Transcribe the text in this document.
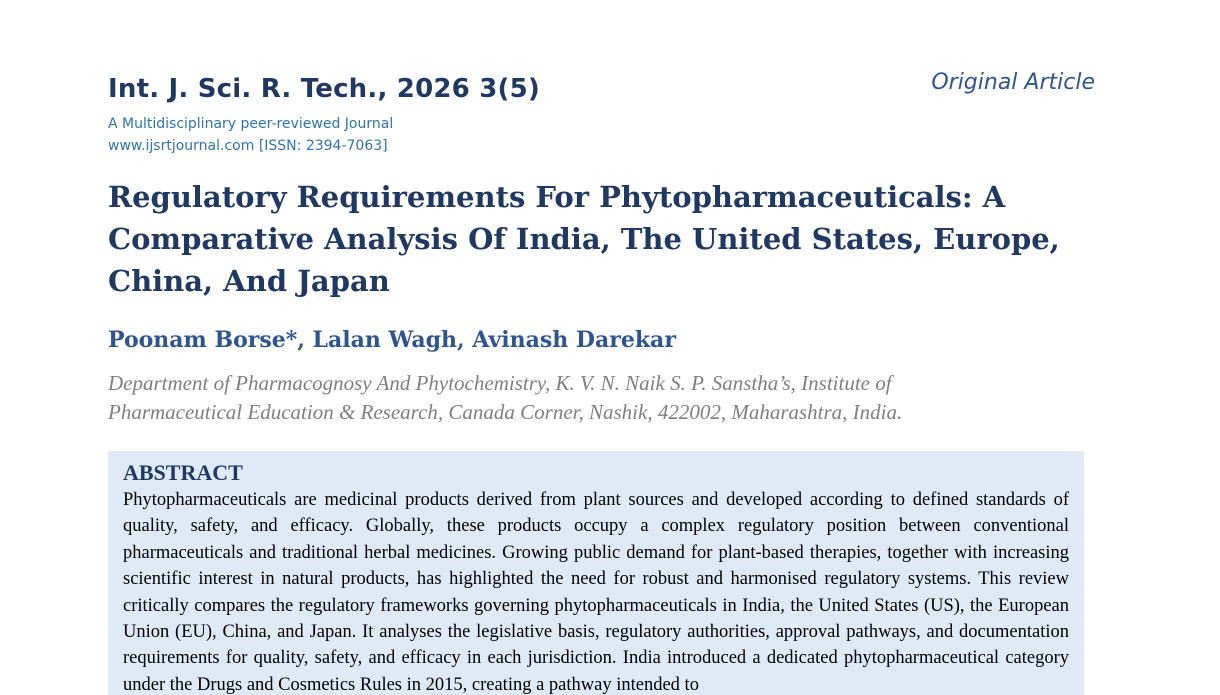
Int. J. Sci. R. Tech., 2026 3(5)	Original Article
A Multidisciplinary peer-reviewed Journal
www.ijsrtjournal.com [ISSN: 2394-7063]
Regulatory Requirements For Phytopharmaceuticals: A Comparative Analysis Of India, The United States, Europe, China, And Japan
Poonam Borse*, Lalan Wagh, Avinash Darekar
Department of Pharmacognosy And Phytochemistry, K. V. N. Naik S. P. Sanstha’s, Institute of Pharmaceutical Education & Research, Canada Corner, Nashik, 422002, Maharashtra, India.
ABSTRACT

Phytopharmaceuticals are medicinal products derived from plant sources and developed according to defined standards of quality, safety, and efficacy. Globally, these products occupy a complex regulatory position between conventional pharmaceuticals and traditional herbal medicines. Growing public demand for plant-based therapies, together with increasing scientific interest in natural products, has highlighted the need for robust and harmonised regulatory systems. This review critically compares the regulatory frameworks governing phytopharmaceuticals in India, the United States (US), the European Union (EU), China, and Japan. It analyses the legislative basis, regulatory authorities, approval pathways, and documentation requirements for quality, safety, and efficacy in each jurisdiction. India introduced a dedicated phytopharmaceutical category under the Drugs and Cosmetics Rules in 2015, creating a pathway intended to
